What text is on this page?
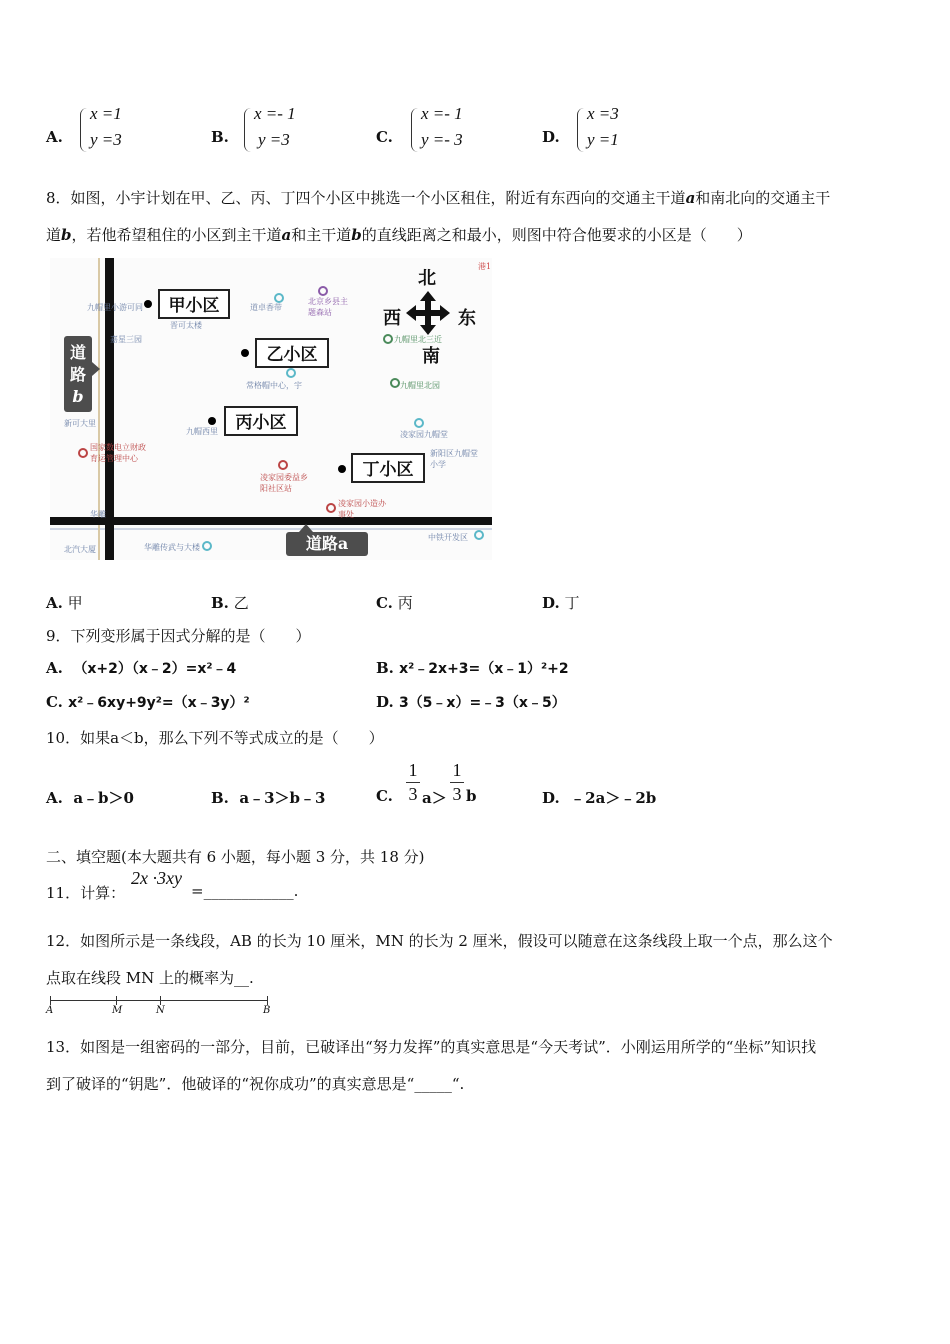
A.
x =1
y =3	B.
x =- 1
y =3	C.
x =- 1
y =- 3	D.
x =3
y =1
8．如图，小宇计划在甲、乙、丙、丁四个小区中挑选一个小区租住，附近有东西向的交通主干道a和南北向的交通主干
道b，若他希望租住的小区到主干道a和主干道b的直线距离之和最小，则图中符合他要求的小区是（　　）
道
路
b
道路a
甲小区
乙小区
丙小区
丁小区
北
西	东
南
港1
九帽里小游可同
晋可太楼
嘉星三园
道卓香带
北京乡县主题森站
九帽里北三近
新可大里
国家数电立财政育运管理中心
常格帽中心，宇	九帽里北园
九帽西里	凌家园九帽堂
新阳区九帽堂小学
凌家园委益乡阳社区站
凌家园小造办事处
华雕
北汽大厦	华雕传武与大楼
中铁开发区
A. 甲	B. 乙	C. 丙	D. 丁
9．下列变形属于因式分解的是（　　）
A. （x+2）（x﹣2）=x²﹣4	B. x²﹣2x+3=（x﹣1）²+2
C. x²﹣6xy+9y²=（x﹣3y）²	D. 3（5﹣x）=﹣3（x﹣5）
10．如果a＜b，那么下列不等式成立的是（　　）
A. a﹣b＞0	B. a﹣3＞b﹣3	C.
1
3 a＞
1
3 b	D. ﹣2a＞﹣2b
二、填空题(本大题共有 6 小题，每小题 3 分，共 18 分)
11．计算：
2x ·3xy
=____________.
12．如图所示是一条线段，AB 的长为 10 厘米，MN 的长为 2 厘米，假设可以随意在这条线段上取一个点，那么这个
点取在线段 MN 上的概率为__.
A	M	N	B
13．如图是一组密码的一部分，目前，已破译出“努力发挥”的真实意思是“今天考试”．小刚运用所学的“坐标”知识找
到了破译的“钥匙”．他破译的“祝你成功”的真实意思是“_____“.
